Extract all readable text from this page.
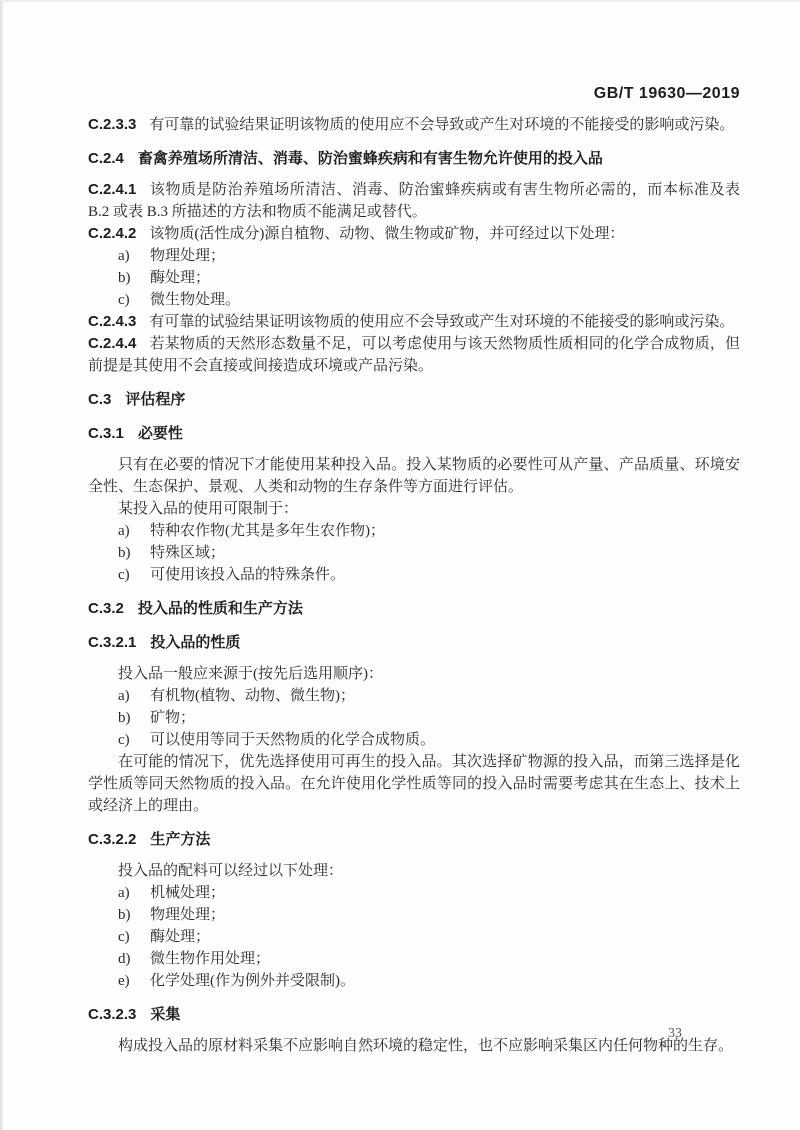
GB/T 19630—2019
C.2.3.3 有可靠的试验结果证明该物质的使用应不会导致或产生对环境的不能接受的影响或污染。
C.2.4 畜禽养殖场所清洁、消毒、防治蜜蜂疾病和有害生物允许使用的投入品
C.2.4.1 该物质是防治养殖场所清洁、消毒、防治蜜蜂疾病或有害生物所必需的，而本标准及表 B.2 或表 B.3 所描述的方法和物质不能满足或替代。
C.2.4.2 该物质(活性成分)源自植物、动物、微生物或矿物，并可经过以下处理：
a) 物理处理；
b) 酶处理；
c) 微生物处理。
C.2.4.3 有可靠的试验结果证明该物质的使用应不会导致或产生对环境的不能接受的影响或污染。
C.2.4.4 若某物质的天然形态数量不足，可以考虑使用与该天然物质性质相同的化学合成物质，但前提是其使用不会直接或间接造成环境或产品污染。
C.3 评估程序
C.3.1 必要性
只有在必要的情况下才能使用某种投入品。投入某物质的必要性可从产量、产品质量、环境安全性、生态保护、景观、人类和动物的生存条件等方面进行评估。
某投入品的使用可限制于：
a) 特种农作物(尤其是多年生农作物)；
b) 特殊区域；
c) 可使用该投入品的特殊条件。
C.3.2 投入品的性质和生产方法
C.3.2.1 投入品的性质
投入品一般应来源于(按先后选用顺序)：
a) 有机物(植物、动物、微生物)；
b) 矿物；
c) 可以使用等同于天然物质的化学合成物质。
在可能的情况下，优先选择使用可再生的投入品。其次选择矿物源的投入品，而第三选择是化学性质等同天然物质的投入品。在允许使用化学性质等同的投入品时需要考虑其在生态上、技术上或经济上的理由。
C.3.2.2 生产方法
投入品的配料可以经过以下处理：
a) 机械处理；
b) 物理处理；
c) 酶处理；
d) 微生物作用处理；
e) 化学处理(作为例外并受限制)。
C.3.2.3 采集
构成投入品的原材料采集不应影响自然环境的稳定性，也不应影响采集区内任何物种的生存。
33
